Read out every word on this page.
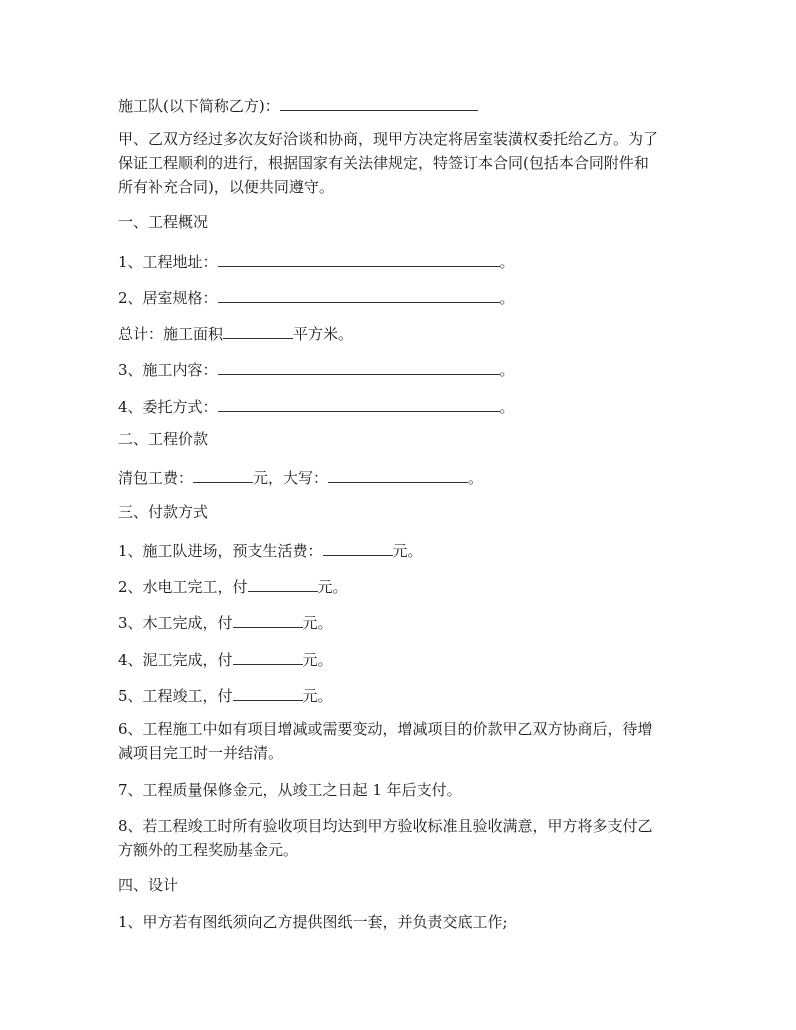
施工队(以下简称乙方)：
甲、乙双方经过多次友好洽谈和协商，现甲方决定将居室装潢权委托给乙方。为了
保证工程顺利的进行，根据国家有关法律规定，特签订本合同(包括本合同附件和
所有补充合同)，以便共同遵守。
一、工程概况
1、工程地址：	。
2、居室规格：	。
总计：施工面积	平方米。
3、施工内容：	。
4、委托方式：	。
二、工程价款
清包工费：	元，大写：	。
三、付款方式
1、施工队进场，预支生活费：	元。
2、水电工完工，付	元。
3、木工完成，付	元。
4、泥工完成，付	元。
5、工程竣工，付	元。
6、工程施工中如有项目增减或需要变动，增减项目的价款甲乙双方协商后，待增
减项目完工时一并结清。
7、工程质量保修金元，从竣工之日起 1 年后支付。
8、若工程竣工时所有验收项目均达到甲方验收标准且验收满意，甲方将多支付乙
方额外的工程奖励基金元。
四、设计
1、甲方若有图纸须向乙方提供图纸一套，并负责交底工作;
